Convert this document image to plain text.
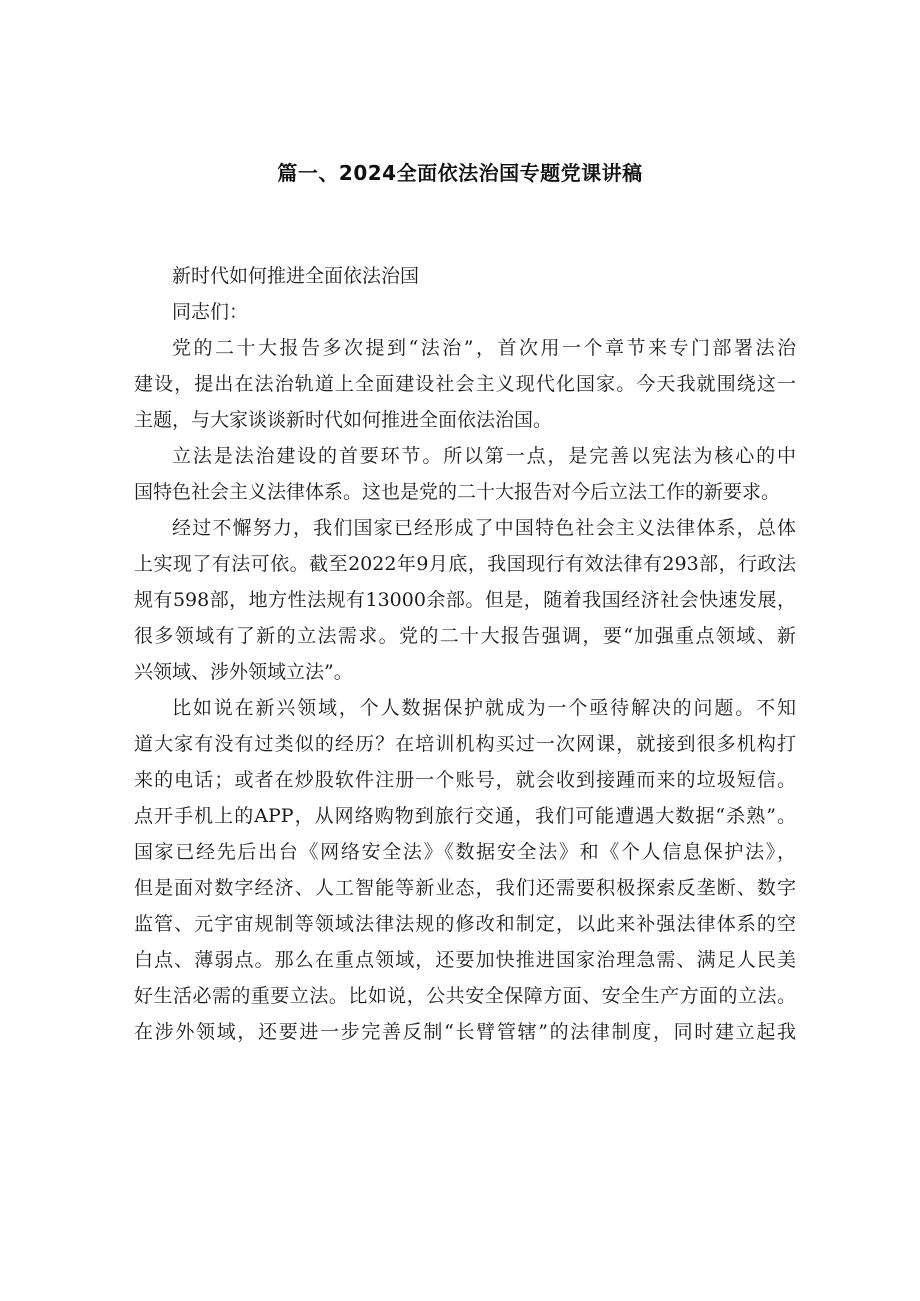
篇一、2024全面依法治国专题党课讲稿
新时代如何推进全面依法治国
同志们：
党的二十大报告多次提到“法治”，首次用一个章节来专门部署法治
建设，提出在法治轨道上全面建设社会主义现代化国家。今天我就围绕这一
主题，与大家谈谈新时代如何推进全面依法治国。
立法是法治建设的首要环节。所以第一点，是完善以宪法为核心的中
国特色社会主义法律体系。这也是党的二十大报告对今后立法工作的新要求。
经过不懈努力，我们国家已经形成了中国特色社会主义法律体系，总体
上实现了有法可依。截至2022年9月底，我国现行有效法律有293部，行政法
规有598部，地方性法规有13000余部。但是，随着我国经济社会快速发展，
很多领域有了新的立法需求。党的二十大报告强调，要“加强重点领域、新
兴领域、涉外领域立法”。
比如说在新兴领域，个人数据保护就成为一个亟待解决的问题。不知
道大家有没有过类似的经历？在培训机构买过一次网课，就接到很多机构打
来的电话；或者在炒股软件注册一个账号，就会收到接踵而来的垃圾短信。
点开手机上的APP，从网络购物到旅行交通，我们可能遭遇大数据“杀熟”。
国家已经先后出台《网络安全法》《数据安全法》和《个人信息保护法》，
但是面对数字经济、人工智能等新业态，我们还需要积极探索反垄断、数字
监管、元宇宙规制等领域法律法规的修改和制定，以此来补强法律体系的空
白点、薄弱点。那么在重点领域，还要加快推进国家治理急需、满足人民美
好生活必需的重要立法。比如说，公共安全保障方面、安全生产方面的立法。
在涉外领域，还要进一步完善反制“长臂管辖”的法律制度，同时建立起我
